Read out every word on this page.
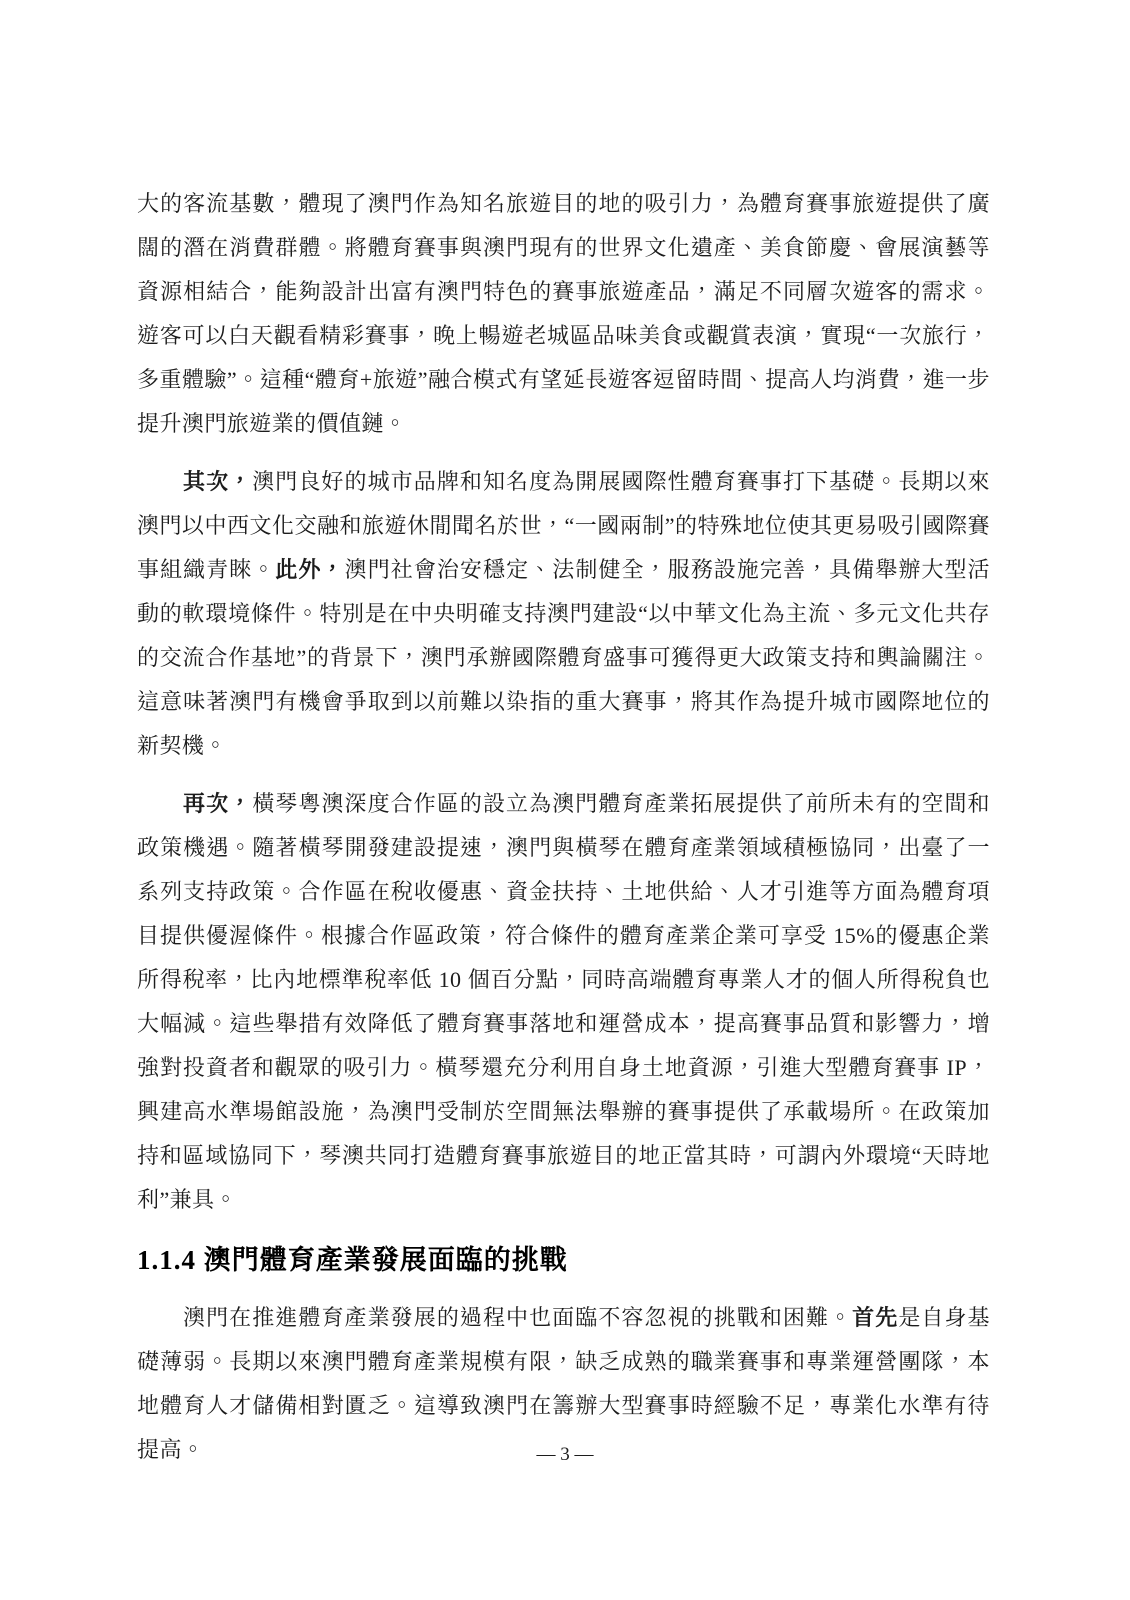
大的客流基數，體現了澳門作為知名旅遊目的地的吸引力，為體育賽事旅遊提供了廣闊的潛在消費群體。將體育賽事與澳門現有的世界文化遺產、美食節慶、會展演藝等資源相結合，能夠設計出富有澳門特色的賽事旅遊產品，滿足不同層次遊客的需求。遊客可以白天觀看精彩賽事，晚上暢遊老城區品味美食或觀賞表演，實現“一次旅行，多重體驗”。這種“體育+旅遊”融合模式有望延長遊客逗留時間、提高人均消費，進一步提升澳門旅遊業的價值鏈。

其次，澳門良好的城市品牌和知名度為開展國際性體育賽事打下基礎。長期以來澳門以中西文化交融和旅遊休閒聞名於世，“一國兩制”的特殊地位使其更易吸引國際賽事組織青睞。此外，澳門社會治安穩定、法制健全，服務設施完善，具備舉辦大型活動的軟環境條件。特別是在中央明確支持澳門建設“以中華文化為主流、多元文化共存的交流合作基地”的背景下，澳門承辦國際體育盛事可獲得更大政策支持和輿論關注。這意味著澳門有機會爭取到以前難以染指的重大賽事，將其作為提升城市國際地位的新契機。

再次，橫琴粵澳深度合作區的設立為澳門體育產業拓展提供了前所未有的空間和政策機遇。隨著橫琴開發建設提速，澳門與橫琴在體育產業領域積極協同，出臺了一系列支持政策。合作區在稅收優惠、資金扶持、土地供給、人才引進等方面為體育項目提供優渥條件。根據合作區政策，符合條件的體育產業企業可享受 15%的優惠企業所得稅率，比內地標準稅率低 10 個百分點，同時高端體育專業人才的個人所得稅負也大幅減。這些舉措有效降低了體育賽事落地和運營成本，提高賽事品質和影響力，增強對投資者和觀眾的吸引力。橫琴還充分利用自身土地資源，引進大型體育賽事 IP，興建高水準場館設施，為澳門受制於空間無法舉辦的賽事提供了承載場所。在政策加持和區域協同下，琴澳共同打造體育賽事旅遊目的地正當其時，可謂內外環境“天時地利”兼具。

1.1.4 澳門體育產業發展面臨的挑戰

澳門在推進體育產業發展的過程中也面臨不容忽視的挑戰和困難。首先是自身基礎薄弱。長期以來澳門體育產業規模有限，缺乏成熟的職業賽事和專業運營團隊，本地體育人才儲備相對匱乏。這導致澳門在籌辦大型賽事時經驗不足，專業化水準有待提高。	— 3 —
